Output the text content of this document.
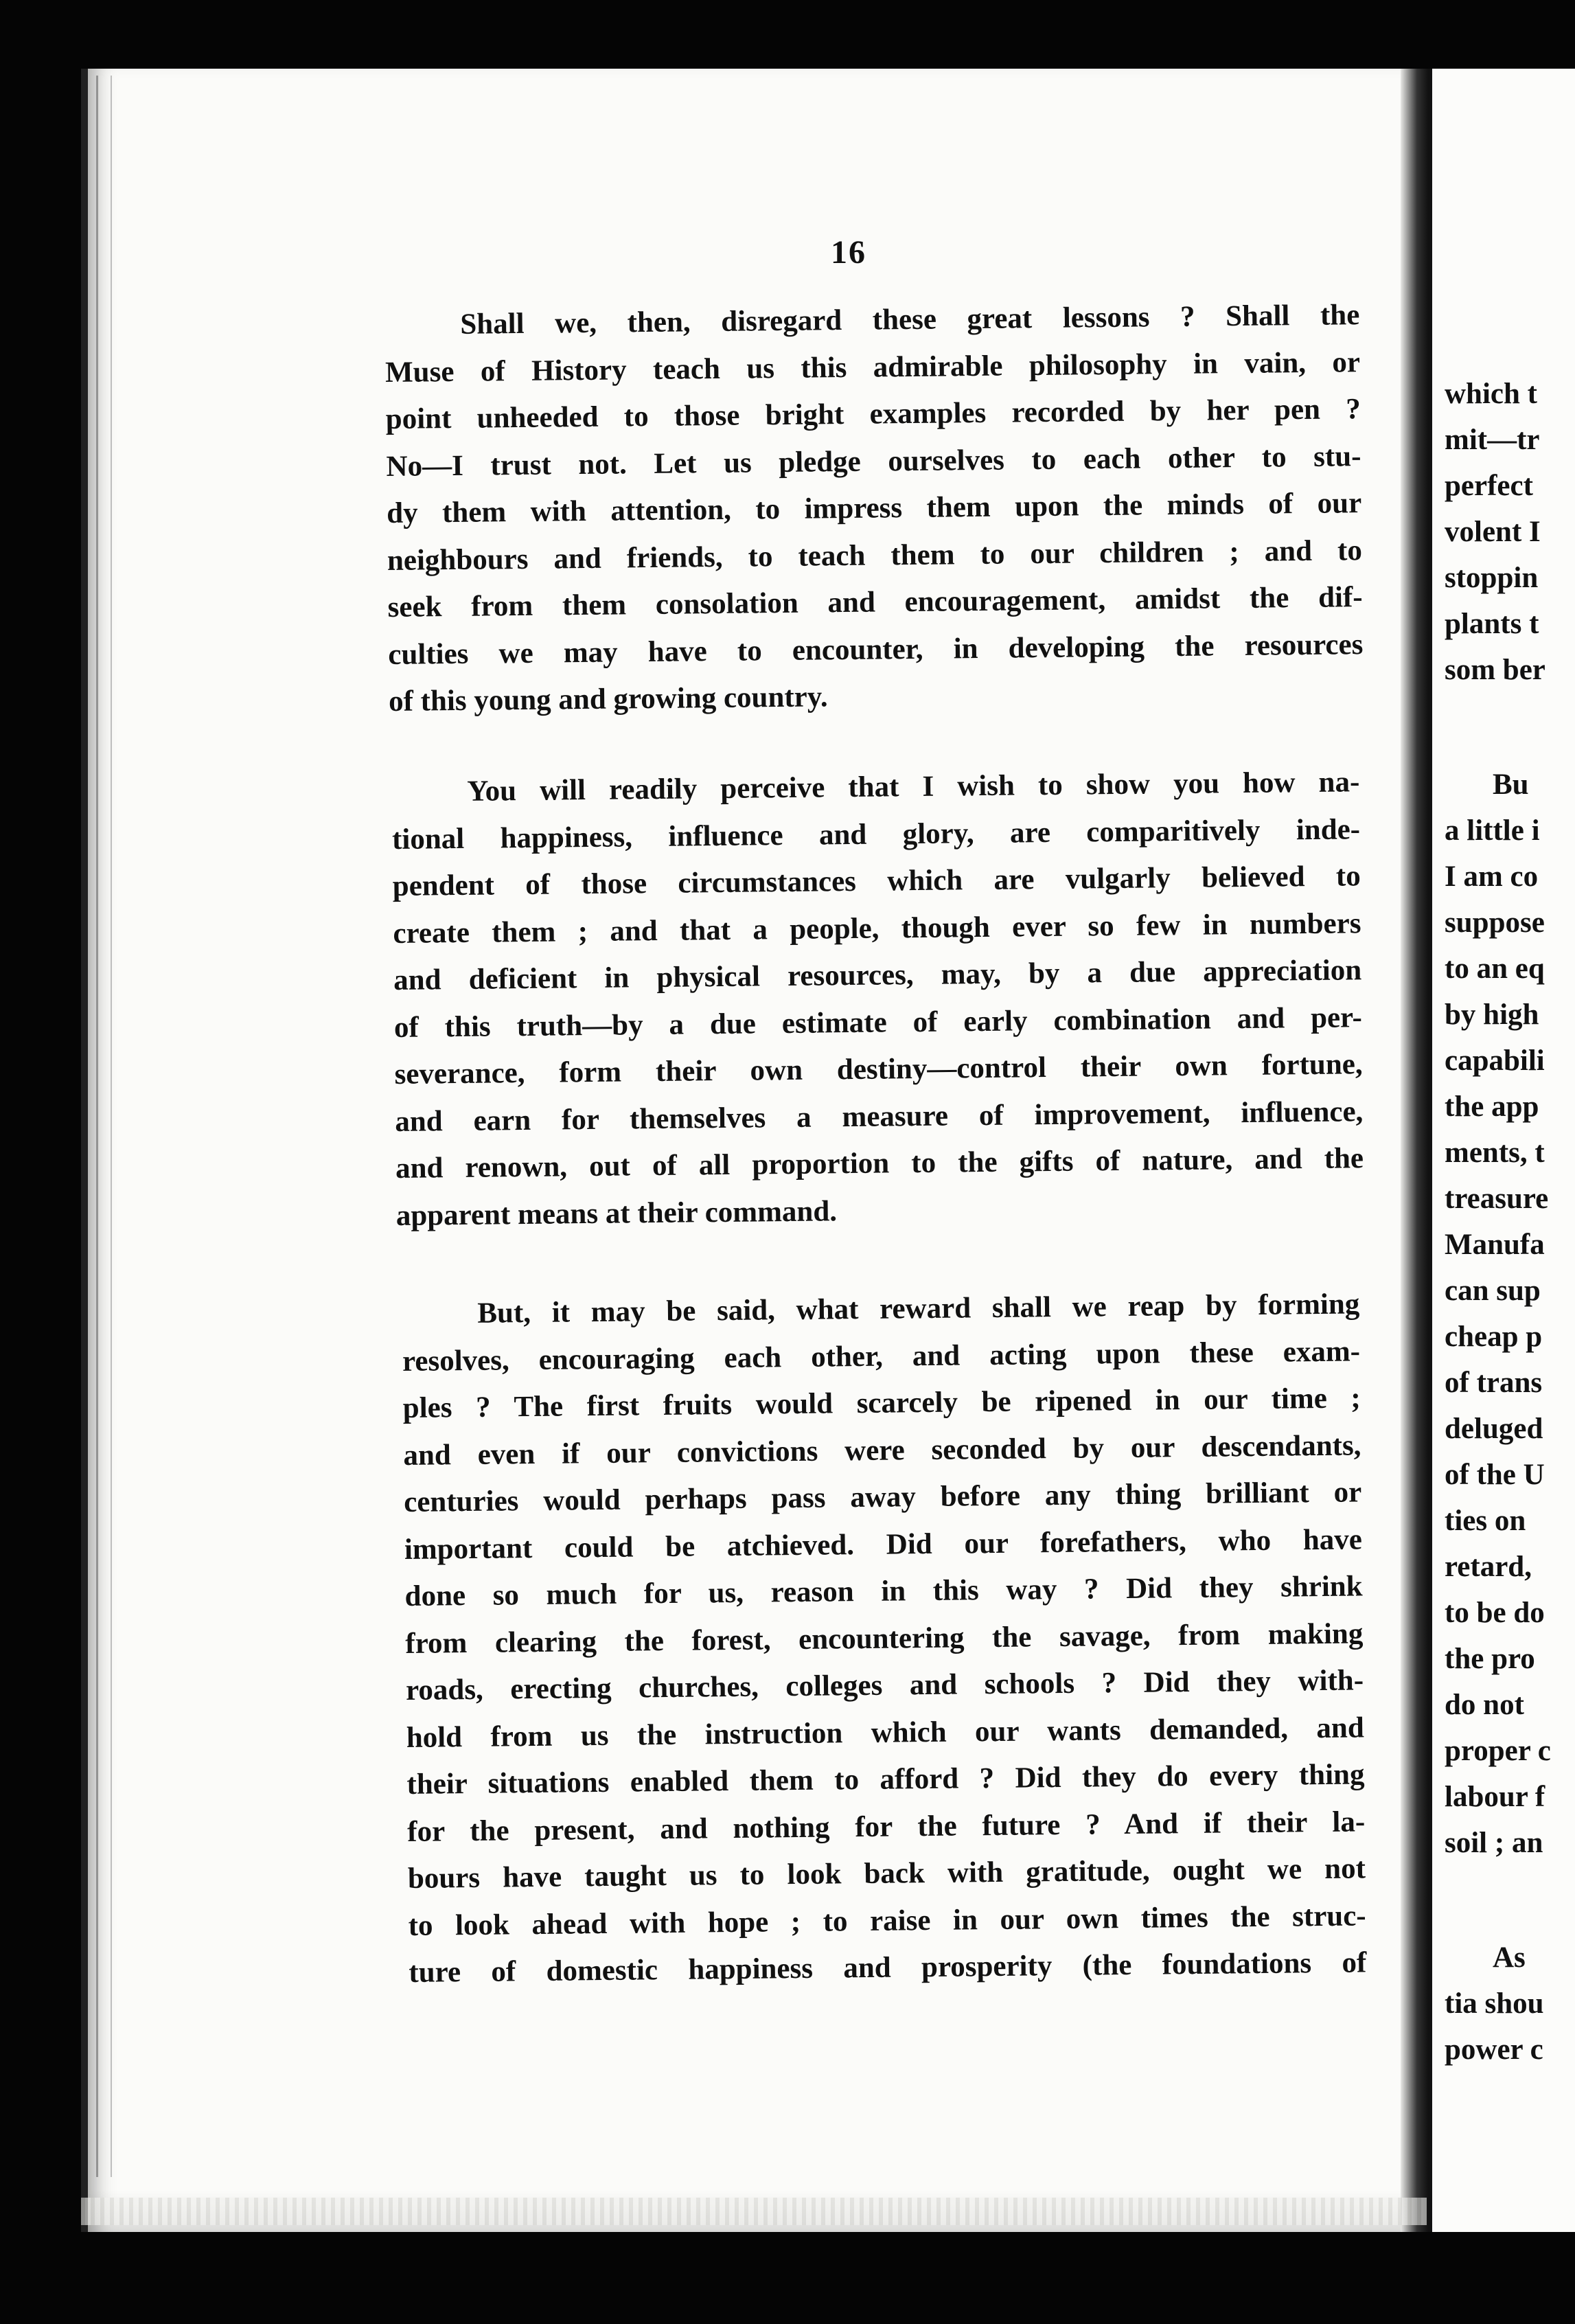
which t
mit—tr
perfect
volent I
stoppin
plants t
som ber
Bu
a little i
I am co
suppose
to an eq
by high
capabili
the app
ments, t
treasure
Manufa
can sup
cheap p
of trans
deluged
of the U
ties on
retard,
to be do
the pro
do not
proper c
labour f
soil ; an
As
tia shou
power c
16
Shall we, then, disregard these great lessons ? Shall the
Muse of History teach us this admirable philosophy in vain, or
point unheeded to those bright examples recorded by her pen ?
No—I trust not. Let us pledge ourselves to each other to stu-
dy them with attention, to impress them upon the minds of our
neighbours and friends, to teach them to our children ; and to
seek from them consolation and encouragement, amidst the dif-
culties we may have to encounter, in developing the resources
of this young and growing country.
You will readily perceive that I wish to show you how na-
tional happiness, influence and glory, are comparitively inde-
pendent of those circumstances which are vulgarly believed to
create them ; and that a people, though ever so few in numbers
and deficient in physical resources, may, by a due appreciation
of this truth—by a due estimate of early combination and per-
severance, form their own destiny—control their own fortune,
and earn for themselves a measure of improvement, influence,
and renown, out of all proportion to the gifts of nature, and the
apparent means at their command.
But, it may be said, what reward shall we reap by forming
resolves, encouraging each other, and acting upon these exam-
ples ? The first fruits would scarcely be ripened in our time ;
and even if our convictions were seconded by our descendants,
centuries would perhaps pass away before any thing brilliant or
important could be atchieved. Did our forefathers, who have
done so much for us, reason in this way ? Did they shrink
from clearing the forest, encountering the savage, from making
roads, erecting churches, colleges and schools ? Did they with-
hold from us the instruction which our wants demanded, and
their situations enabled them to afford ? Did they do every thing
for the present, and nothing for the future ? And if their la-
bours have taught us to look back with gratitude, ought we not
to look ahead with hope ; to raise in our own times the struc-
ture of domestic happiness and prosperity (the foundations of
